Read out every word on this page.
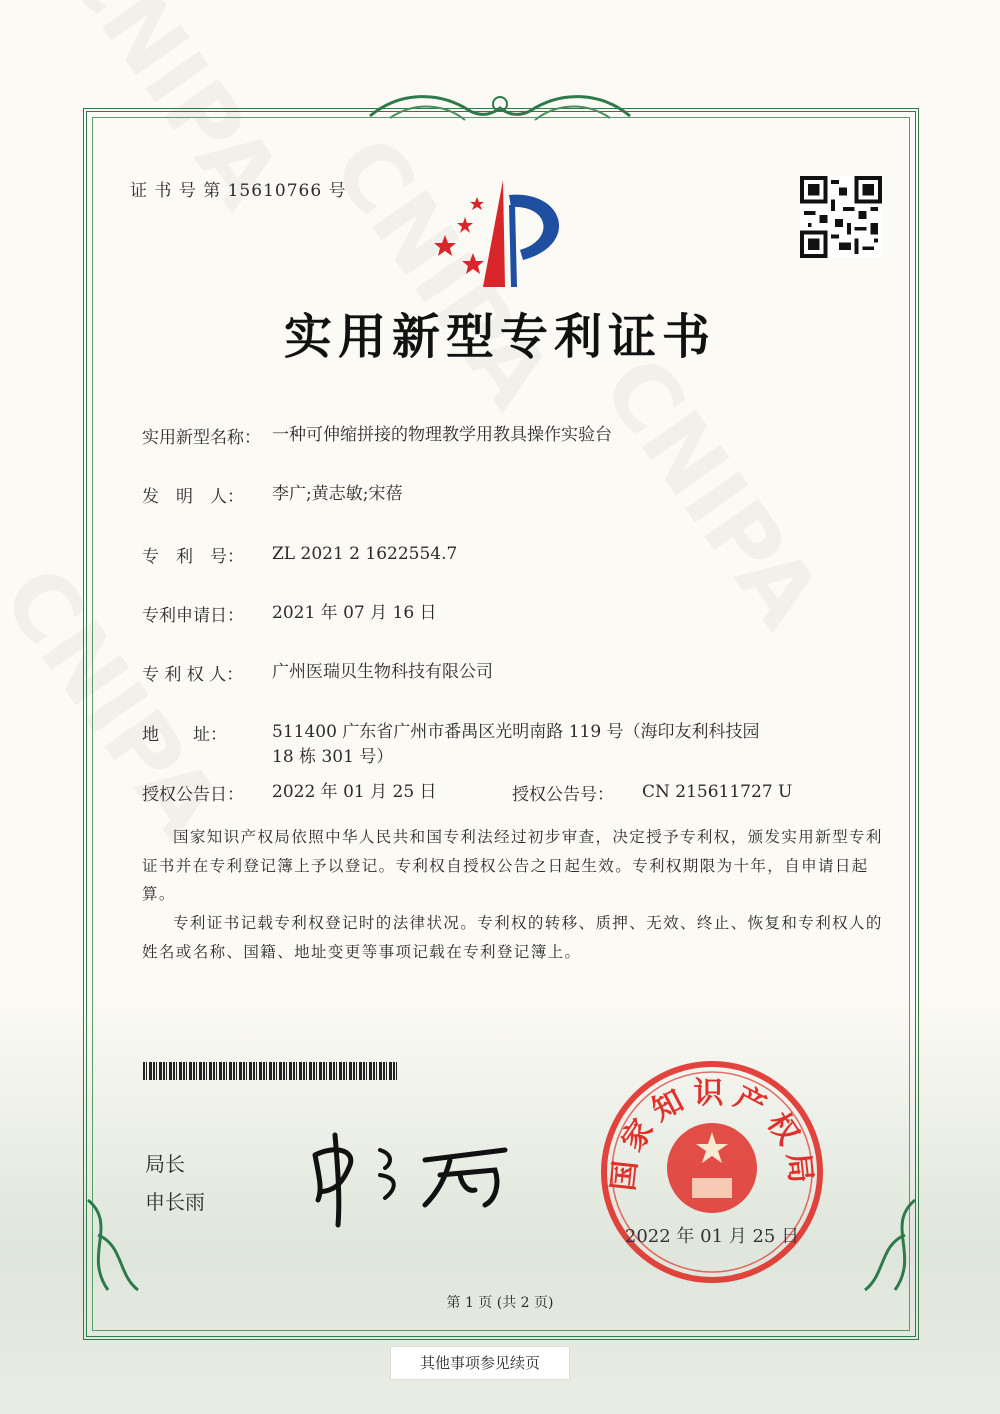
证 书 号 第 15610766 号
实用新型专利证书
实用新型名称： 一种可伸缩拼接的物理教学用教具操作实验台
发　明　人：	李广;黄志敏;宋蓓
专　利　号：	ZL 2021 2 1622554.7
专利申请日：	2021 年 07 月 16 日
专 利 权 人：	广州医瑞贝生物科技有限公司
地　　址：	511400 广东省广州市番禺区光明南路 119 号（海印友利科技园 18 栋 301 号）
授权公告日：	2022 年 01 月 25 日	授权公告号：	CN 215611727 U
国家知识产权局依照中华人民共和国专利法经过初步审查，决定授予专利权，颁发实用新型专利证书并在专利登记簿上予以登记。专利权自授权公告之日起生效。专利权期限为十年，自申请日起算。
专利证书记载专利权登记时的法律状况。专利权的转移、质押、无效、终止、恢复和专利权人的姓名或名称、国籍、地址变更等事项记载在专利登记簿上。
局长
申长雨
国家知识产权局
2022 年 01 月 25 日
第 1 页 (共 2 页)
其他事项参见续页
